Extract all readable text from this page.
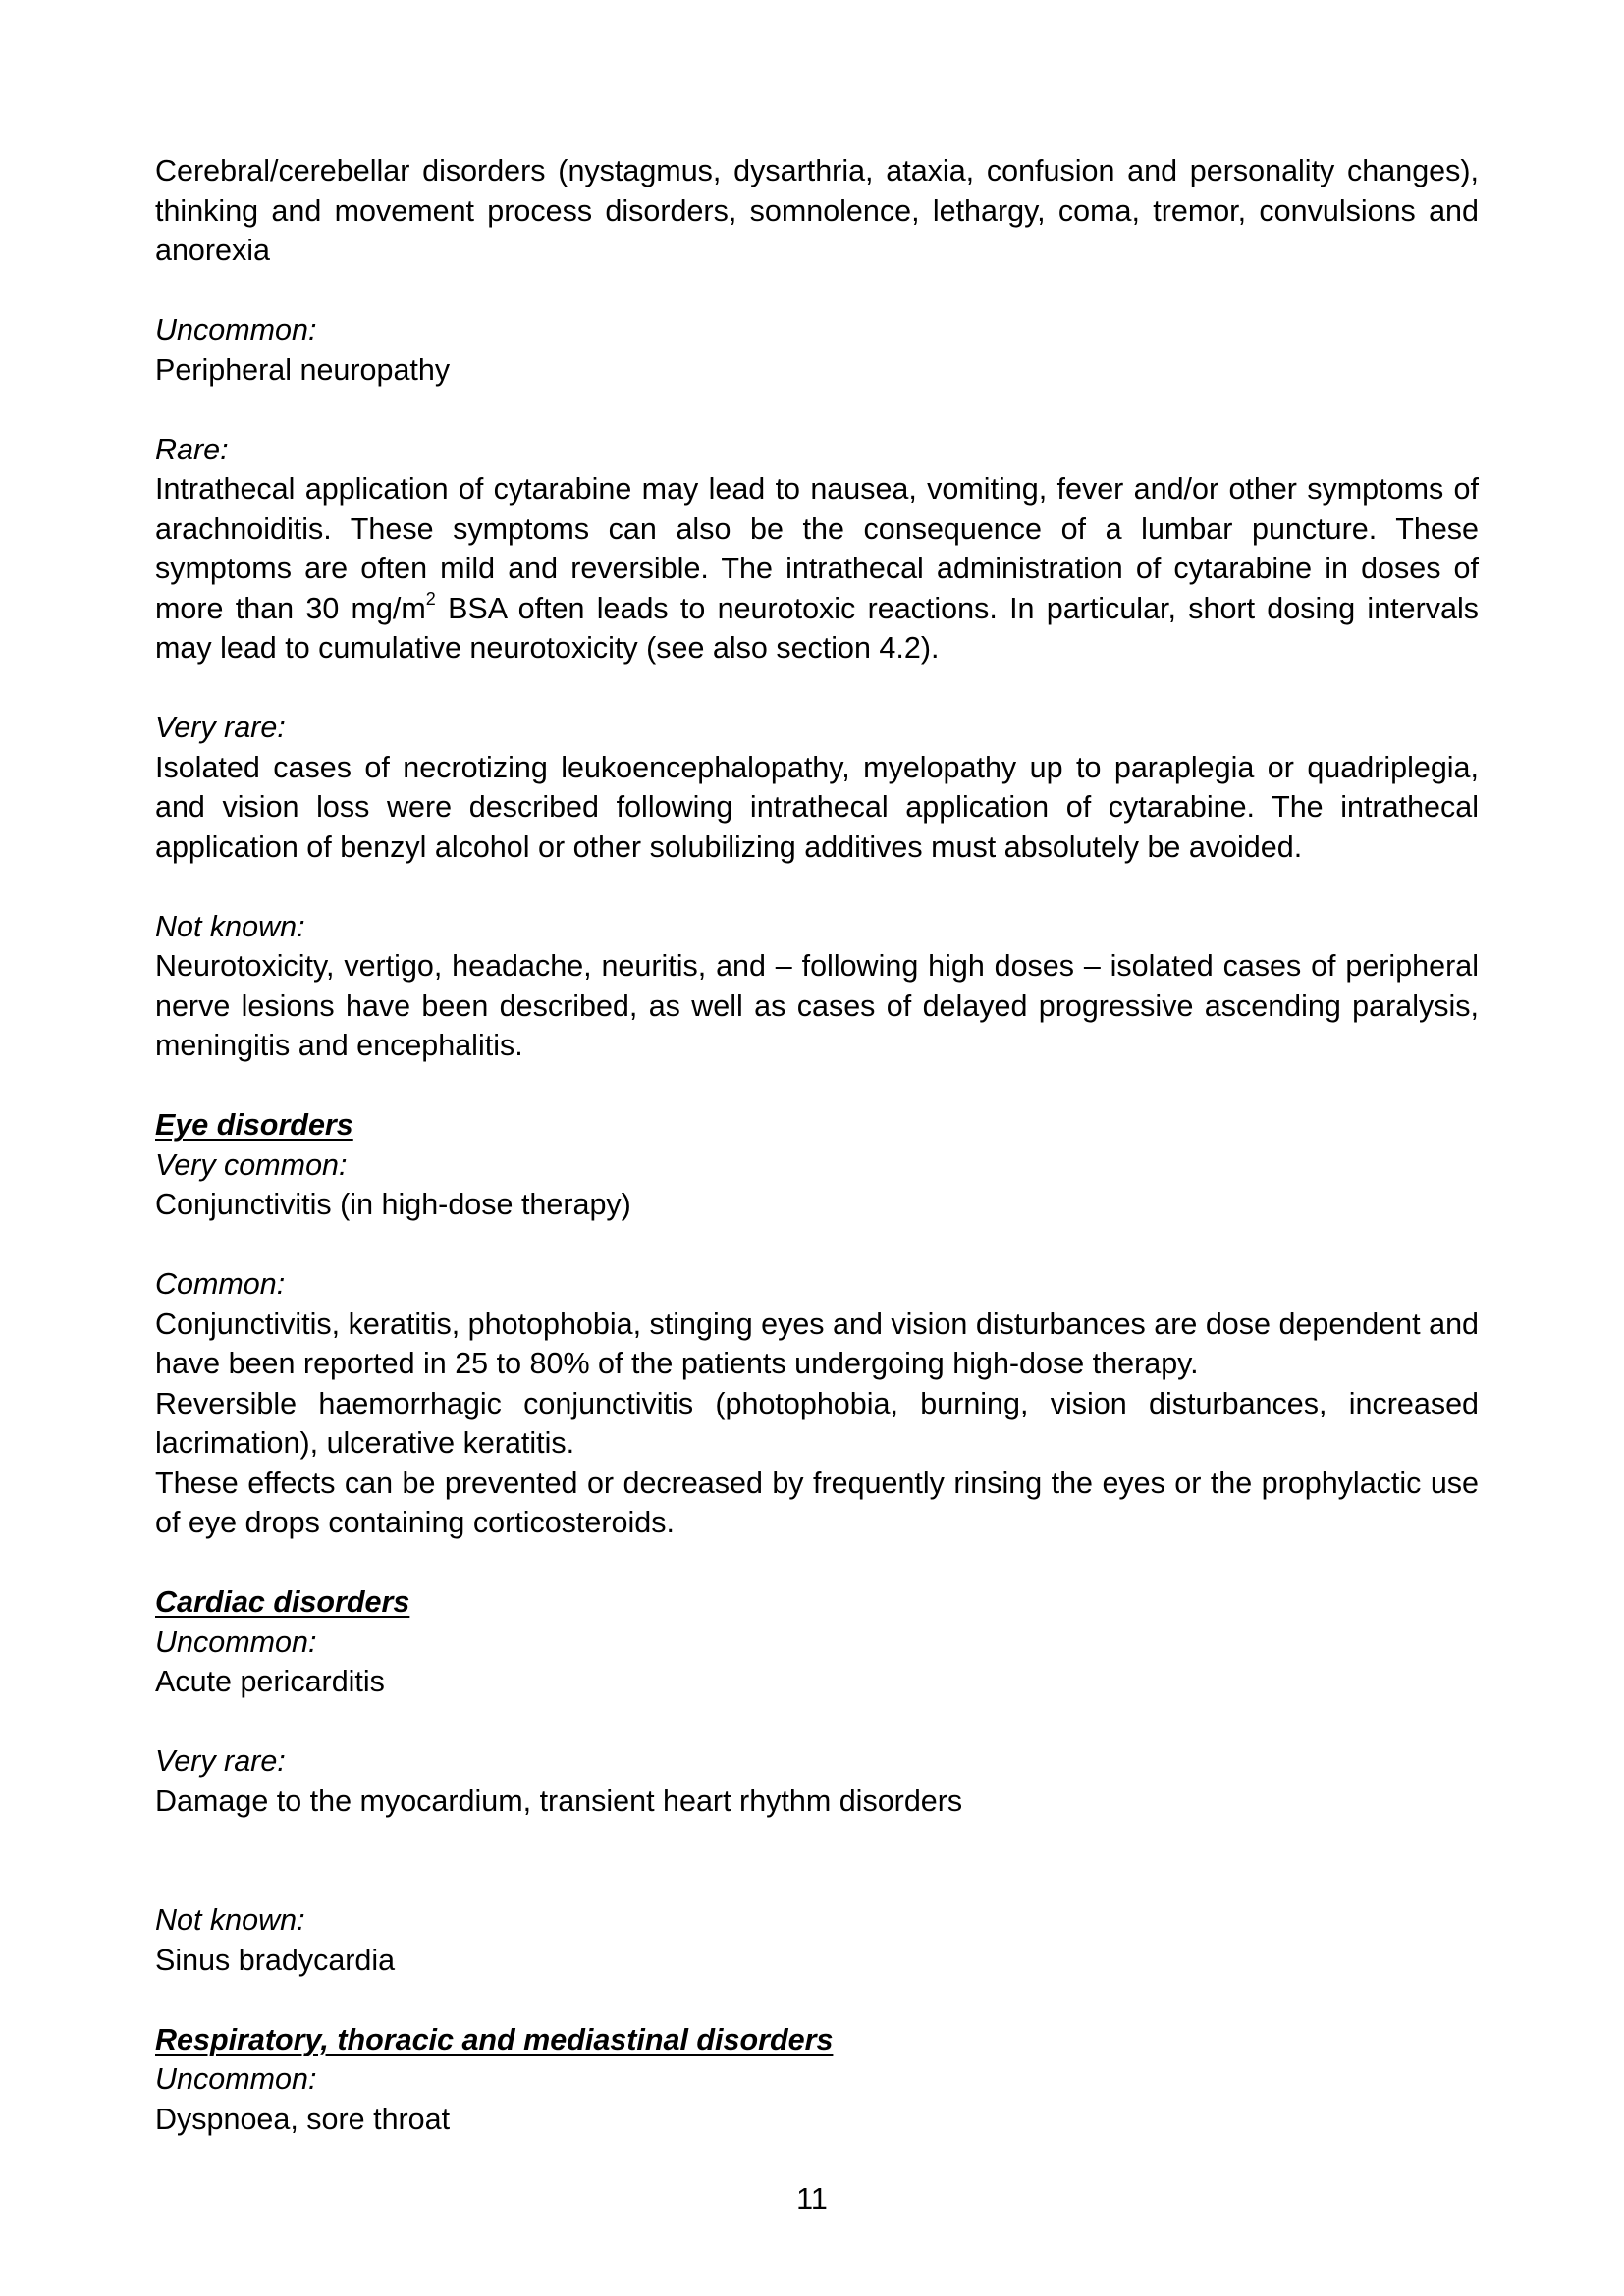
Cerebral/cerebellar disorders (nystagmus, dysarthria, ataxia, confusion and personality changes), thinking and movement process disorders, somnolence, lethargy, coma, tremor, convulsions and anorexia

Uncommon:

Peripheral neuropathy

Rare:

Intrathecal application of cytarabine may lead to nausea, vomiting, fever and/or other symptoms of arachnoiditis. These symptoms can also be the consequence of a lumbar puncture. These symptoms are often mild and reversible. The intrathecal administration of cytarabine in doses of more than 30 $mg/m^2$ BSA often leads to neurotoxic reactions. In particular, short dosing intervals may lead to cumulative neurotoxicity (see also section 4.2).

Very rare:

Isolated cases of necrotizing leukoencephalopathy, myelopathy up to paraplegia or quadriplegia, and vision loss were described following intrathecal application of cytarabine. The intrathecal application of benzyl alcohol or other solubilizing additives must absolutely be avoided.

Not known:

Neurotoxicity, vertigo, headache, neuritis, and – following high doses – isolated cases of peripheral nerve lesions have been described, as well as cases of delayed progressive ascending paralysis, meningitis and encephalitis.

Eye disorders

Very common:

Conjunctivitis (in high-dose therapy)

Common:

Conjunctivitis, keratitis, photophobia, stinging eyes and vision disturbances are dose dependent and have been reported in 25 to 80% of the patients undergoing high-dose therapy.

Reversible haemorrhagic conjunctivitis (photophobia, burning, vision disturbances, increased lacrimation), ulcerative keratitis.

These effects can be prevented or decreased by frequently rinsing the eyes or the prophylactic use of eye drops containing corticosteroids.

Cardiac disorders

Uncommon:

Acute pericarditis

Very rare:

Damage to the myocardium, transient heart rhythm disorders

Not known:

Sinus bradycardia

Respiratory, thoracic and mediastinal disorders

Uncommon:

Dyspnoea, sore throat

11
